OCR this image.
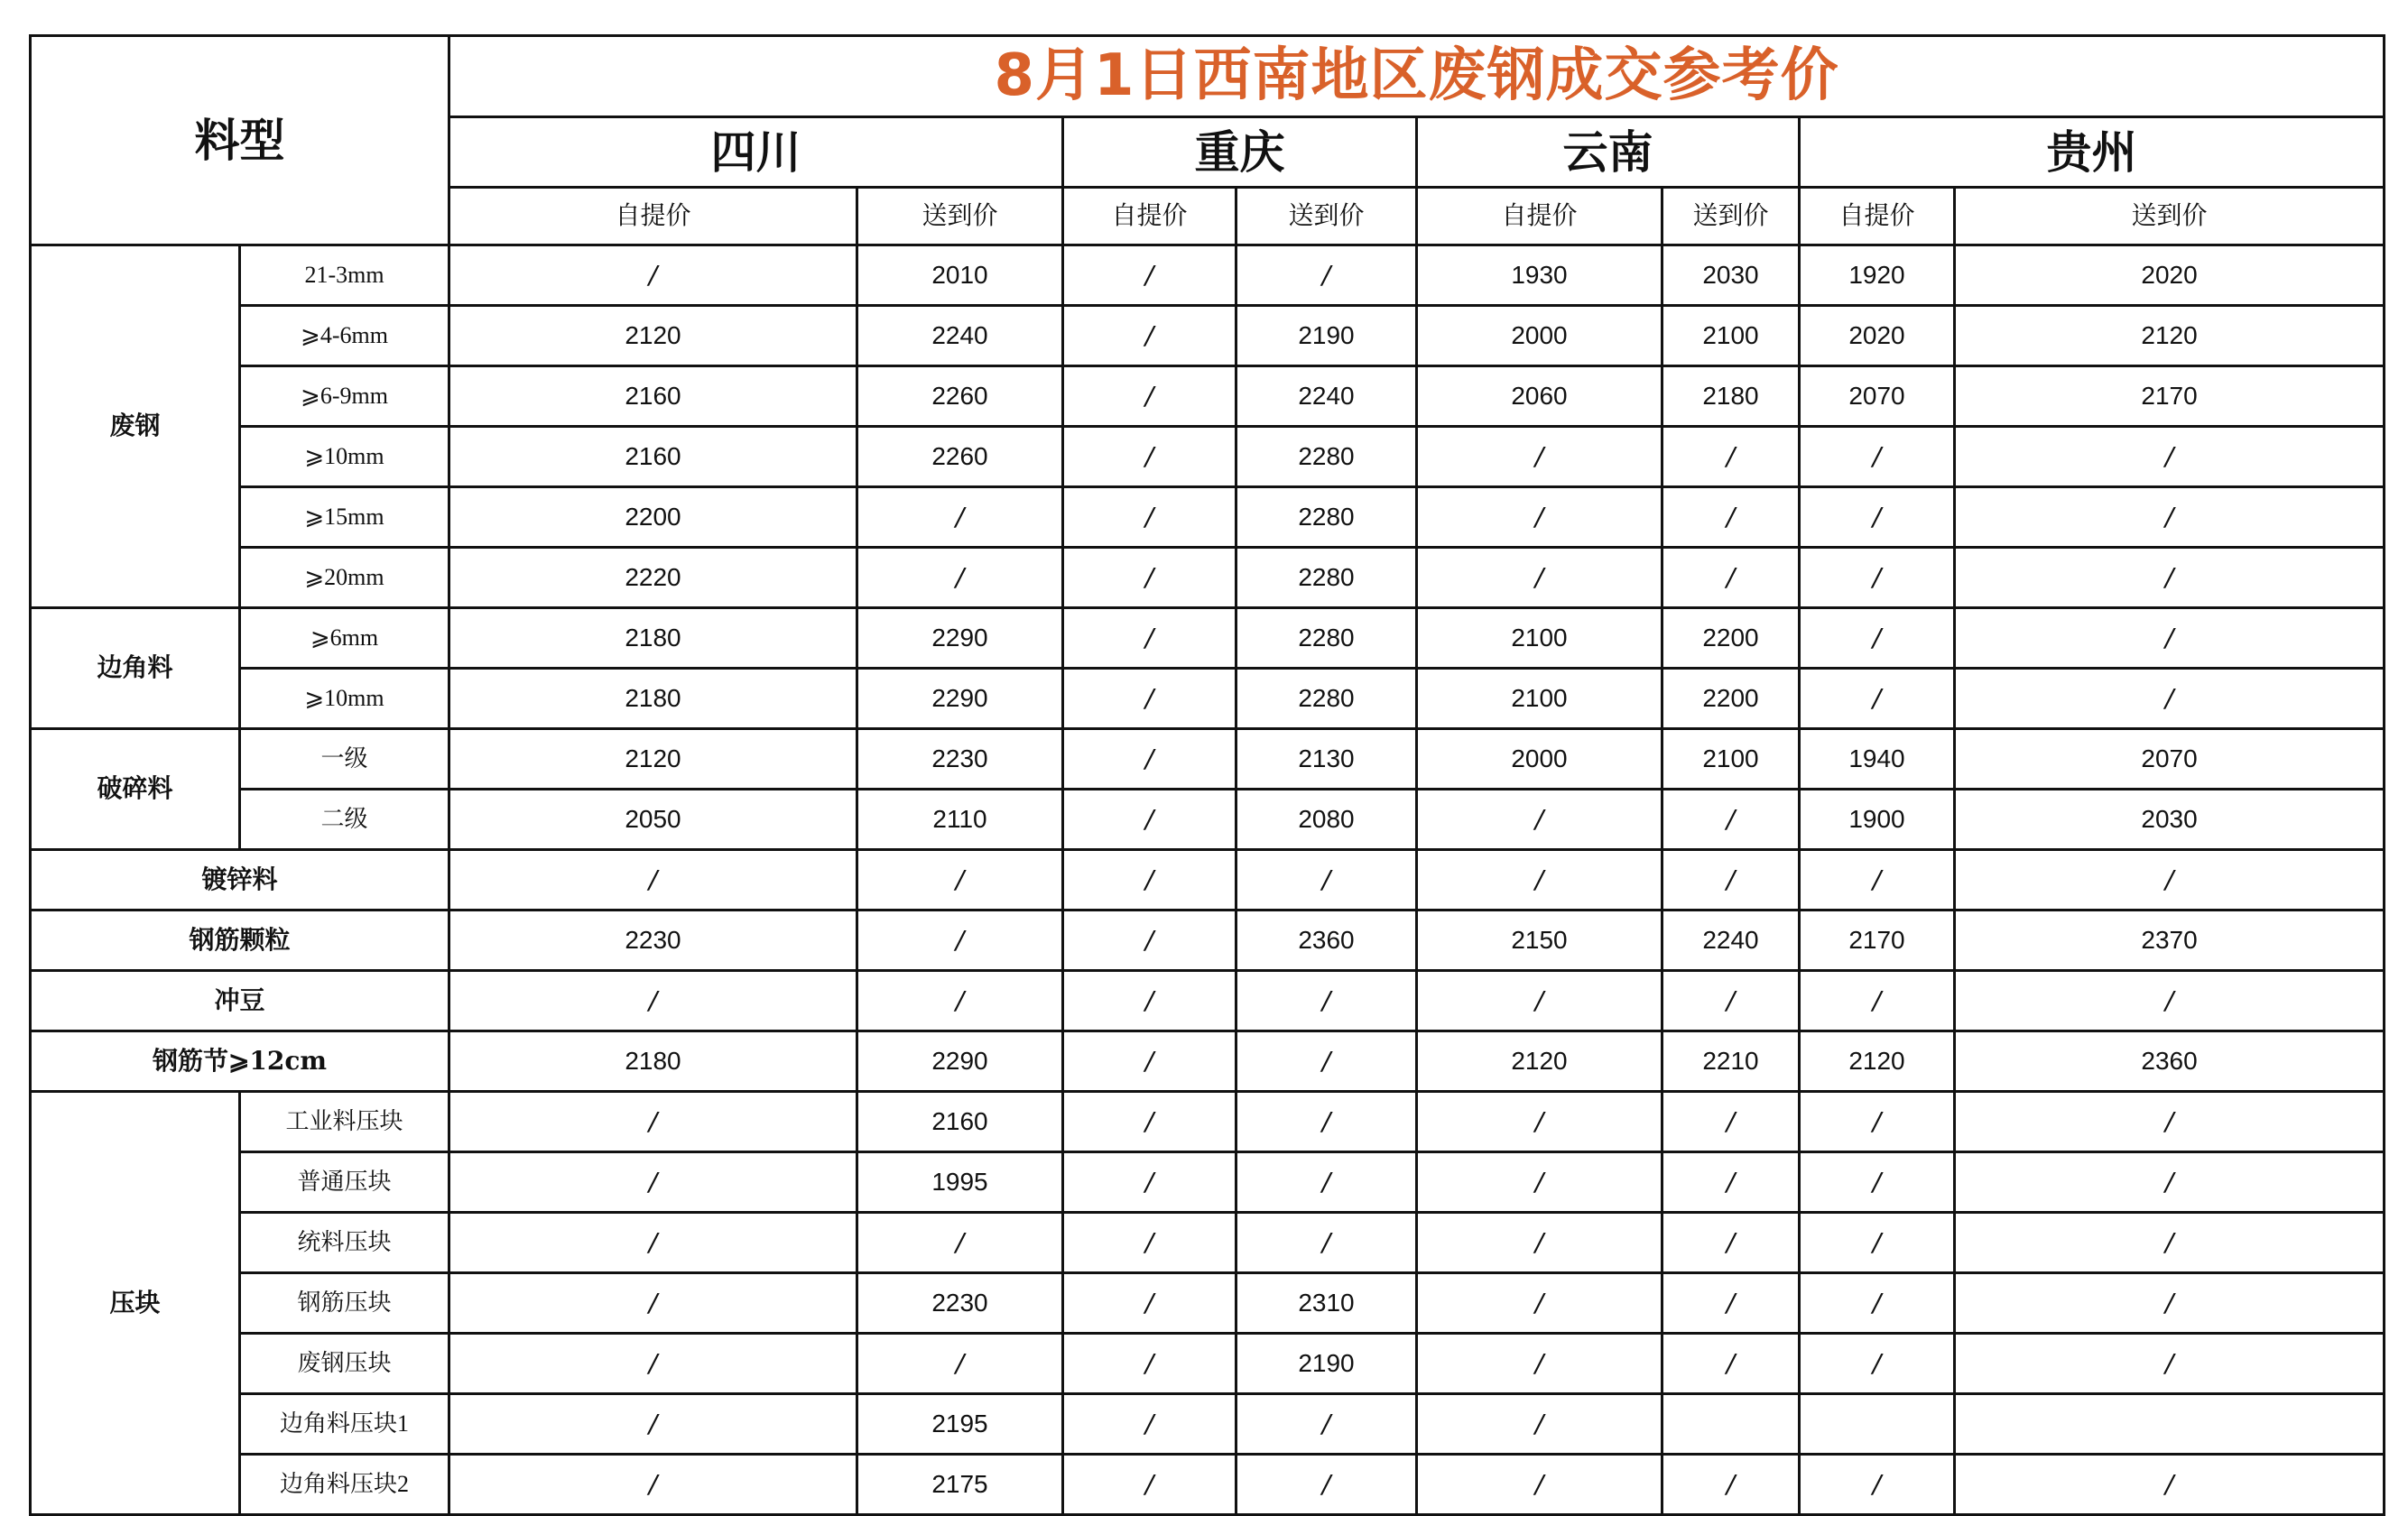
料型		8月1日西南地区废钢成交参考价							
		四川		重庆		云南		贵州	
		自提价	送到价	自提价	送到价	自提价	送到价	自提价	送到价
废钢	21-3mm	/	2010	/	/	1930	2030	1920	2020
	⩾4-6mm	2120	2240	/	2190	2000	2100	2020	2120
	⩾6-9mm	2160	2260	/	2240	2060	2180	2070	2170
	⩾10mm	2160	2260	/	2280	/	/	/	/
	⩾15mm	2200	/	/	2280	/	/	/	/
	⩾20mm	2220	/	/	2280	/	/	/	/
边角料	⩾6mm	2180	2290	/	2280	2100	2200	/	/
	⩾10mm	2180	2290	/	2280	2100	2200	/	/
破碎料	一级	2120	2230	/	2130	2000	2100	1940	2070
	二级	2050	2110	/	2080	/	/	1900	2030
镀锌料		/	/	/	/	/	/	/	/
钢筋颗粒		2230	/	/	2360	2150	2240	2170	2370
冲豆		/	/	/	/	/	/	/	/
钢筋节⩾12cm		2180	2290	/	/	2120	2210	2120	2360
压块	工业料压块	/	2160	/	/	/	/	/	/
	普通压块	/	1995	/	/	/	/	/	/
	统料压块	/	/	/	/	/	/	/	/
	钢筋压块	/	2230	/	2310	/	/	/	/
	废钢压块	/	/	/	2190	/	/	/	/
	边角料压块1	/	2195	/	/	/			
	边角料压块2	/	2175	/	/	/	/	/	/
